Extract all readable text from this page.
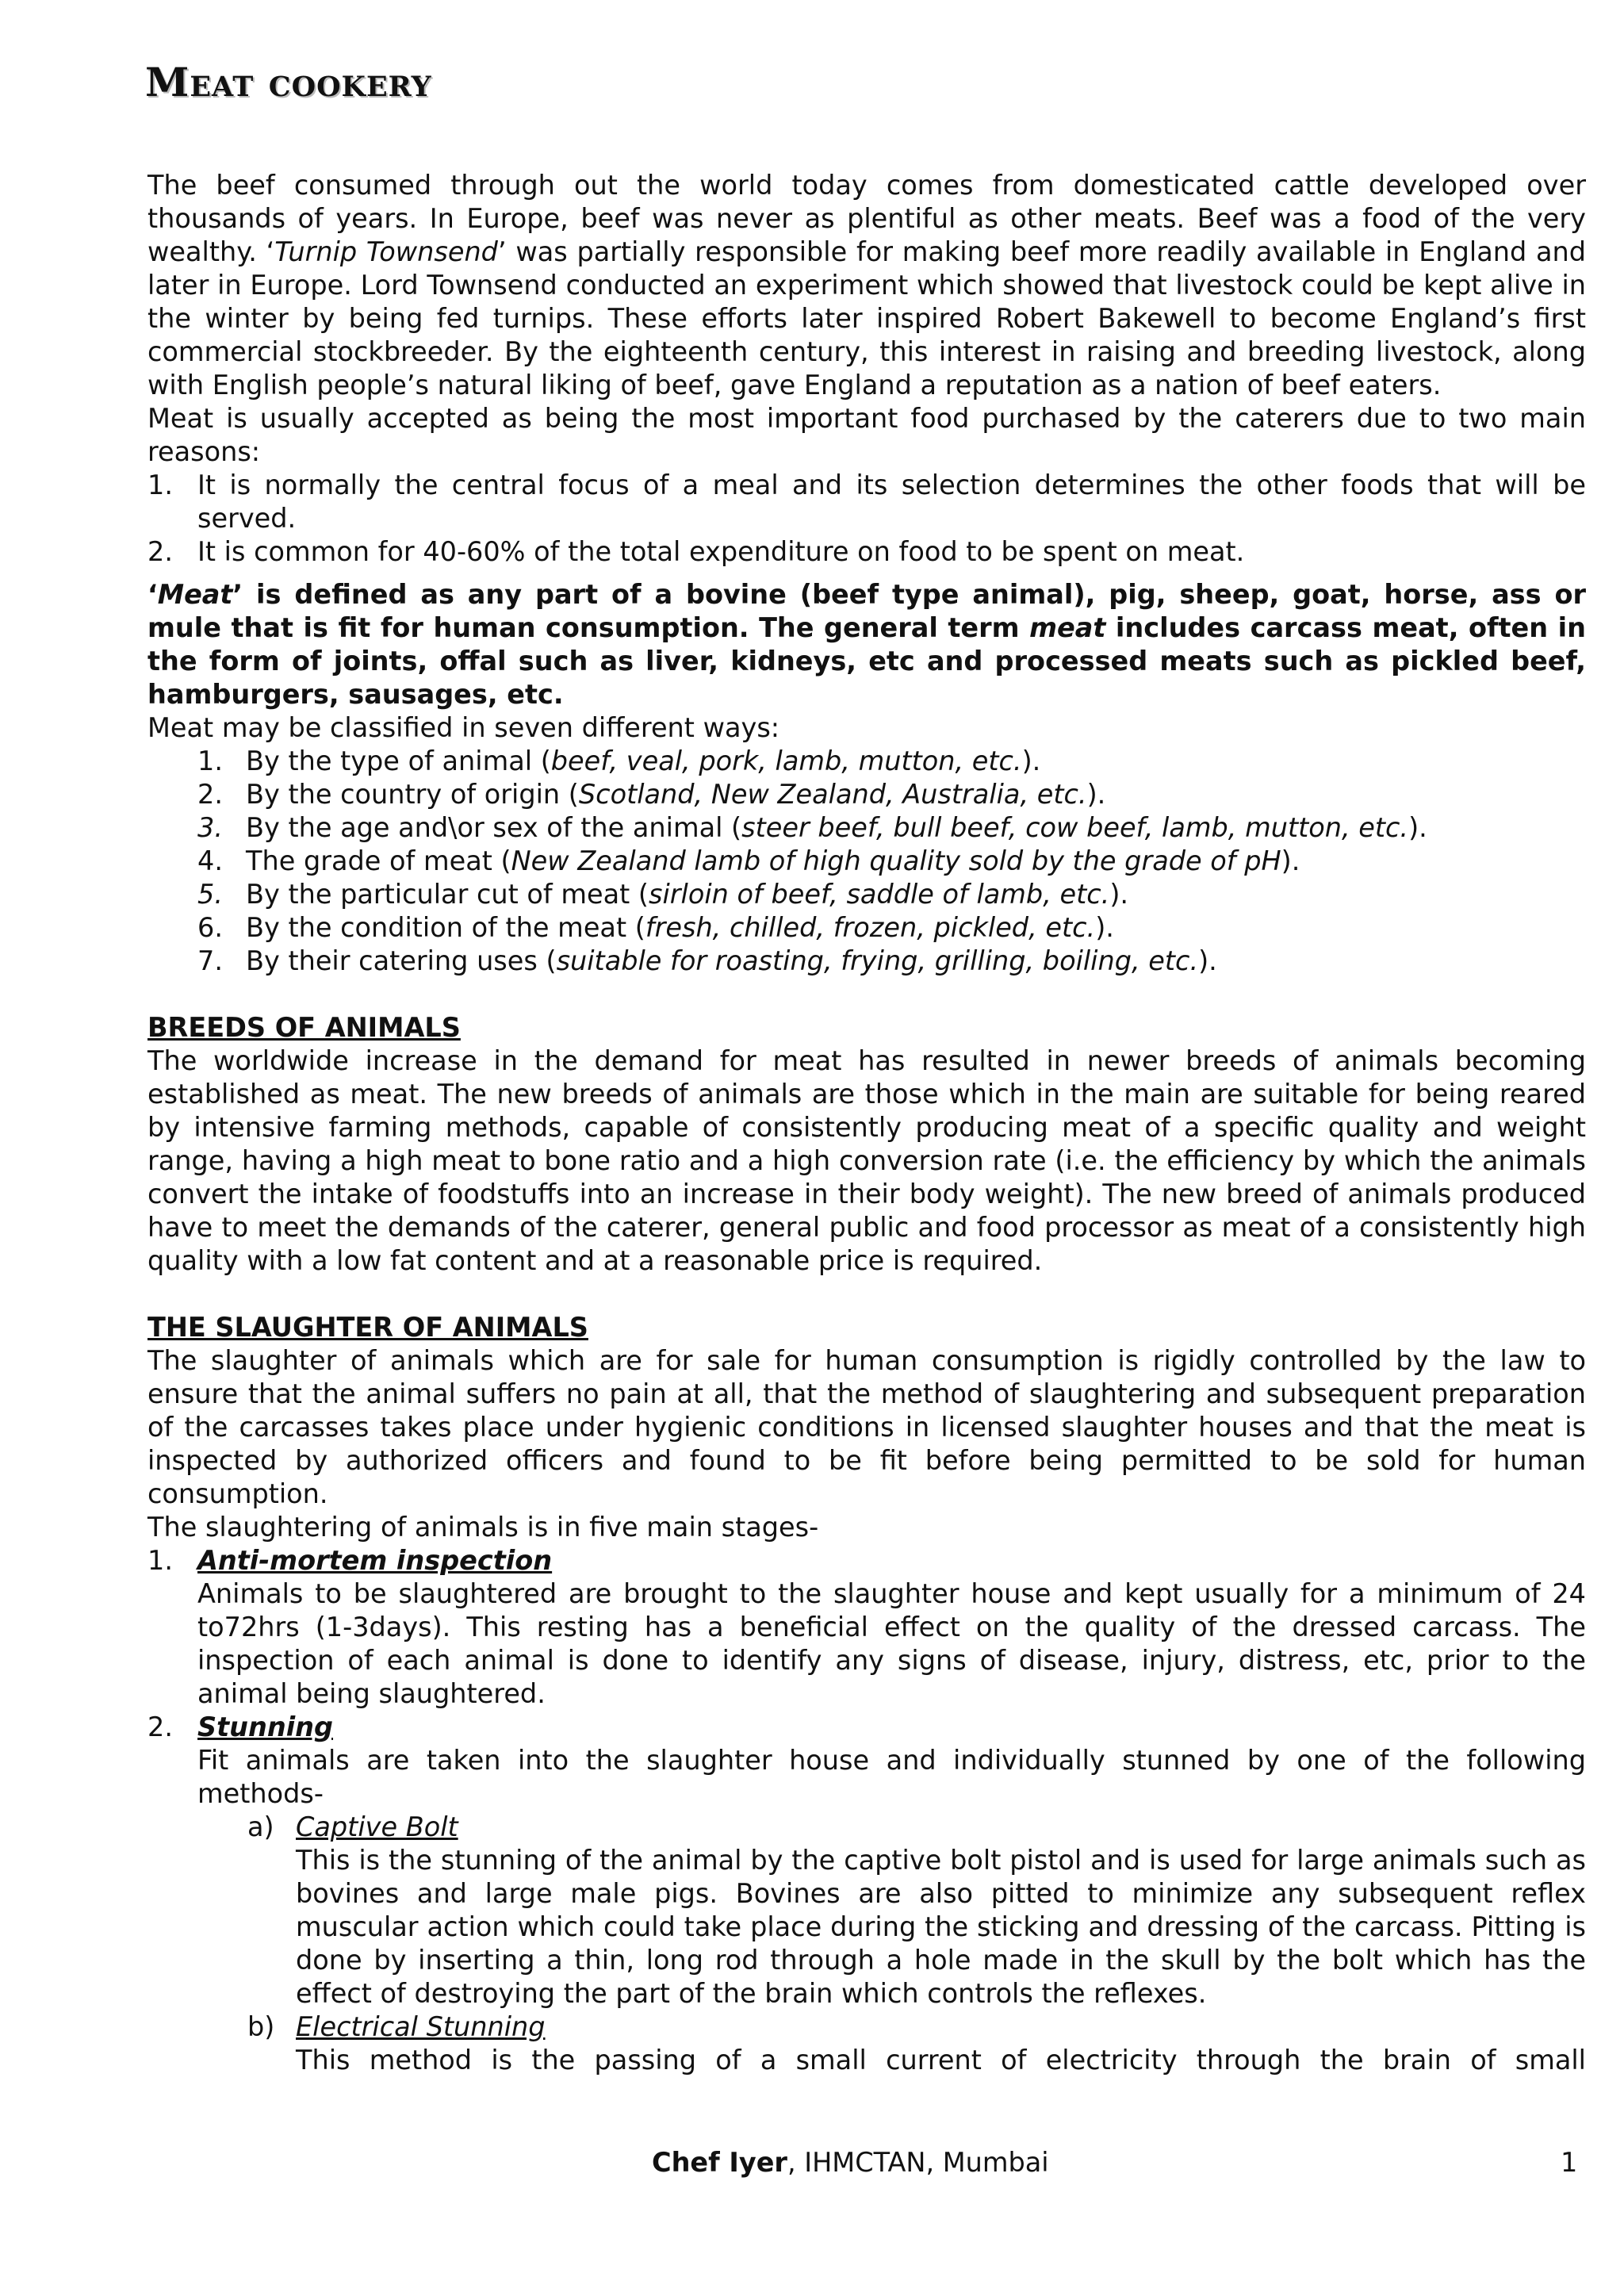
Meat cookery

The beef consumed through out the world today comes from domesticated cattle developed over thousands of years. In Europe, beef was never as plentiful as other meats. Beef was a food of the very wealthy. ‘Turnip Townsend’ was partially responsible for making beef more readily available in England and later in Europe. Lord Townsend conducted an experiment which showed that livestock could be kept alive in the winter by being fed turnips. These efforts later inspired Robert Bakewell to become England’s first commercial stockbreeder. By the eighteenth century, this interest in raising and breeding livestock, along with English people’s natural liking of beef, gave England a reputation as a nation of beef eaters.

Meat is usually accepted as being the most important food purchased by the caterers due to two main reasons:

1. It is normally the central focus of a meal and its selection determines the other foods that will be served.
2. It is common for 40-60% of the total expenditure on food to be spent on meat.

‘Meat’ is defined as any part of a bovine (beef type animal), pig, sheep, goat, horse, ass or mule that is fit for human consumption. The general term meat includes carcass meat, often in the form of joints, offal such as liver, kidneys, etc and processed meats such as pickled beef, hamburgers, sausages, etc.

Meat may be classified in seven different ways:

1. By the type of animal (beef, veal, pork, lamb, mutton, etc.).
2. By the country of origin (Scotland, New Zealand, Australia, etc.).
3. By the age and\or sex of the animal (steer beef, bull beef, cow beef, lamb, mutton, etc.).
4. The grade of meat (New Zealand lamb of high quality sold by the grade of pH).
5. By the particular cut of meat (sirloin of beef, saddle of lamb, etc.).
6. By the condition of the meat (fresh, chilled, frozen, pickled, etc.).
7. By their catering uses (suitable for roasting, frying, grilling, boiling, etc.).

BREEDS OF ANIMALS

The worldwide increase in the demand for meat has resulted in newer breeds of animals becoming established as meat. The new breeds of animals are those which in the main are suitable for being reared by intensive farming methods, capable of consistently producing meat of a specific quality and weight range, having a high meat to bone ratio and a high conversion rate (i.e. the efficiency by which the animals convert the intake of foodstuffs into an increase in their body weight). The new breed of animals produced have to meet the demands of the caterer, general public and food processor as meat of a consistently high quality with a low fat content and at a reasonable price is required.

THE SLAUGHTER OF ANIMALS

The slaughter of animals which are for sale for human consumption is rigidly controlled by the law to ensure that the animal suffers no pain at all, that the method of slaughtering and subsequent preparation of the carcasses takes place under hygienic conditions in licensed slaughter houses and that the meat is inspected by authorized officers and found to be fit before being permitted to be sold for human consumption.

The slaughtering of animals is in five main stages-

1. Anti-mortem inspection
Animals to be slaughtered are brought to the slaughter house and kept usually for a minimum of 24 to72hrs (1-3days). This resting has a beneficial effect on the quality of the dressed carcass. The inspection of each animal is done to identify any signs of disease, injury, distress, etc, prior to the animal being slaughtered.
2. Stunning
Fit animals are taken into the slaughter house and individually stunned by one of the following methods-
a) Captive Bolt
This is the stunning of the animal by the captive bolt pistol and is used for large animals such as bovines and large male pigs. Bovines are also pitted to minimize any subsequent reflex muscular action which could take place during the sticking and dressing of the carcass. Pitting is done by inserting a thin, long rod through a hole made in the skull by the bolt which has the effect of destroying the part of the brain which controls the reflexes.
b) Electrical Stunning
This method is the passing of a small current of electricity through the brain of small
Chef Iyer, IHMCTAN, Mumbai	1
